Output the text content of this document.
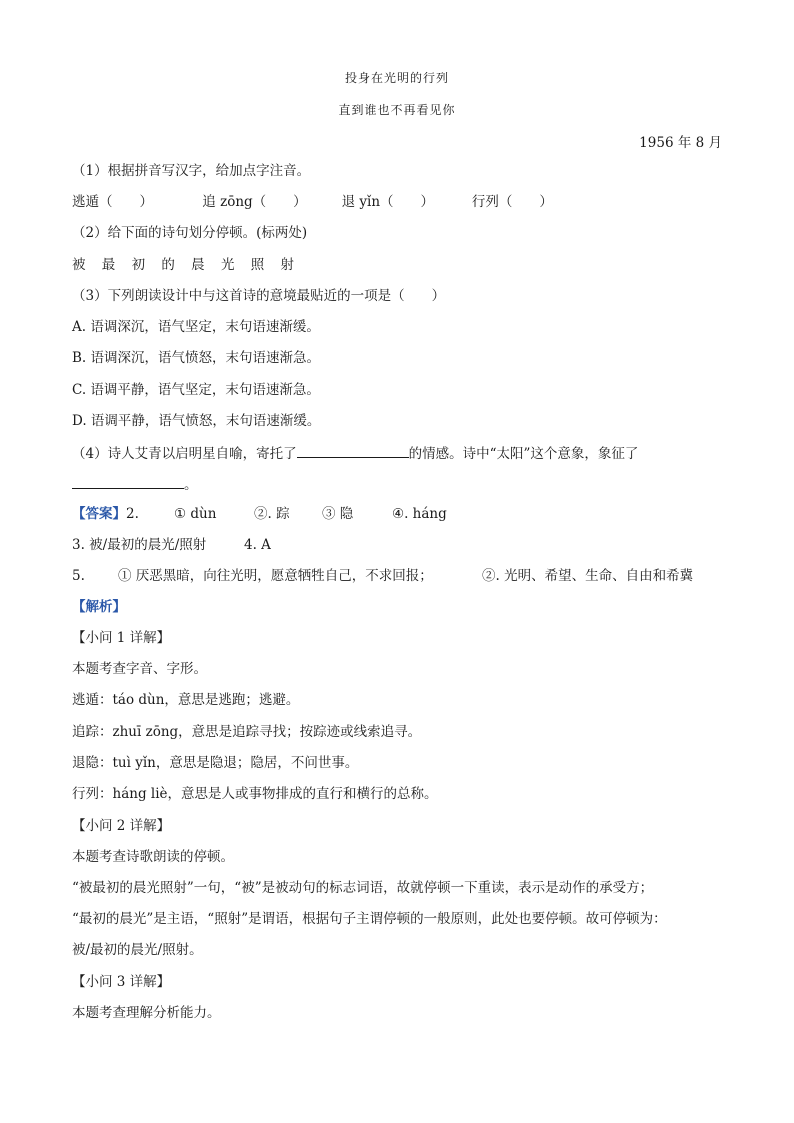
投身在光明的行列
直到谁也不再看见你
1956 年 8 月
（1）根据拼音写汉字，给加点字注音。
逃遁（　　）	追 zōng（　　）	退 yǐn（　　）	行列（　　）
（2）给下面的诗句划分停顿。(标两处)
被 最 初 的 晨 光 照 射
（3）下列朗读设计中与这首诗的意境最贴近的一项是（　　）
A. 语调深沉，语气坚定，末句语速渐缓。
B. 语调深沉，语气愤怒，末句语速渐急。
C. 语调平静，语气坚定，末句语速渐急。
D. 语调平静，语气愤怒，末句语速渐缓。
（4）诗人艾青以启明星自喻，寄托了	的情感。诗中“太阳”这个意象，象征了
。
【答案】2.	① dùn	②. 踪 ③ 隐	④. háng
3. 被/最初的晨光/照射	4. A
5. ① 厌恶黑暗，向往光明，愿意牺牲自己，不求回报；	②. 光明、希望、生命、自由和希冀
【解析】
【小问 1 详解】
本题考查字音、字形。
逃遁：táo dùn，意思是逃跑；逃避。
追踪：zhuī zōng，意思是追踪寻找；按踪迹或线索追寻。
退隐：tuì yǐn，意思是隐退；隐居，不问世事。
行列：háng liè，意思是人或事物排成的直行和横行的总称。
【小问 2 详解】
本题考查诗歌朗读的停顿。
“被最初的晨光照射”一句，“被”是被动句的标志词语，故就停顿一下重读，表示是动作的承受方；
“最初的晨光”是主语，“照射”是谓语，根据句子主谓停顿的一般原则，此处也要停顿。故可停顿为：
被/最初的晨光/照射。
【小问 3 详解】
本题考查理解分析能力。
